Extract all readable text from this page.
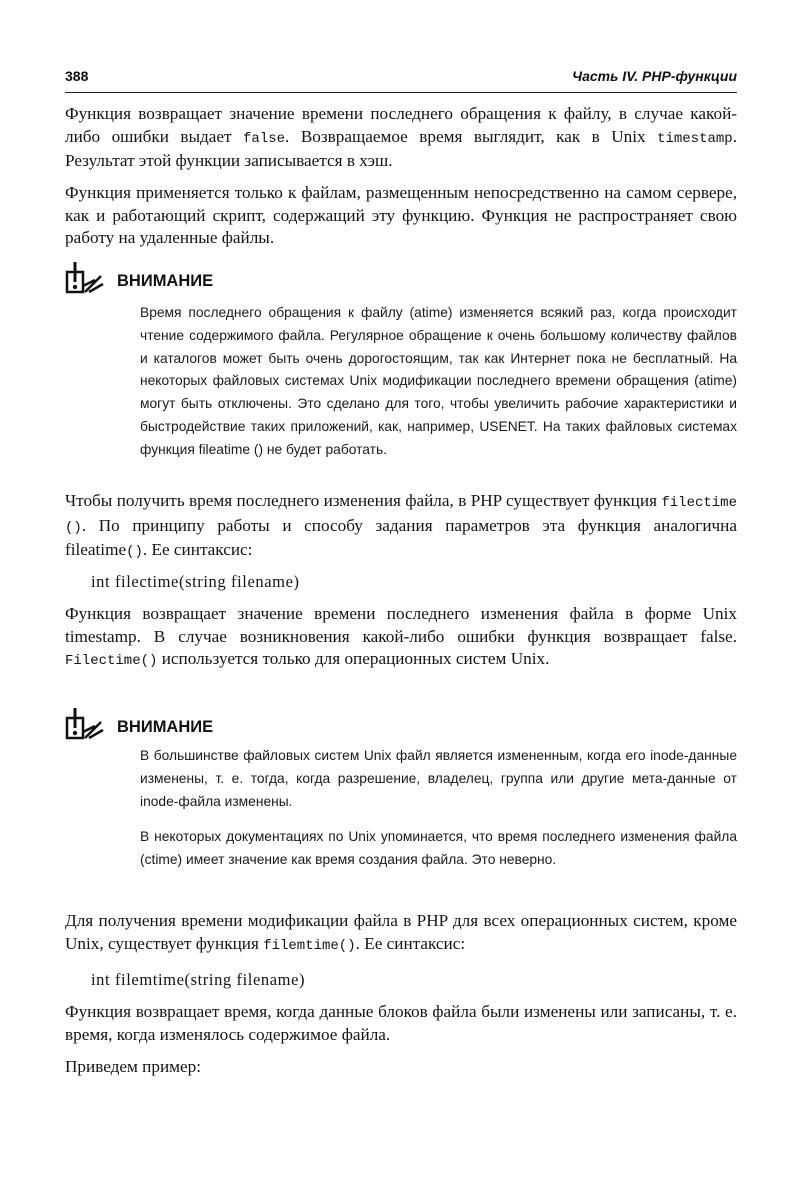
388	Часть IV. PHP-функции

Функция возвращает значение времени последнего обращения к файлу, в случае какой-либо ошибки выдает false. Возвращаемое время выглядит, как в Unix timestamp. Результат этой функции записывается в хэш.

Функция применяется только к файлам, размещенным непосредственно на самом сервере, как и работающий скрипт, содержащий эту функцию. Функция не распространяет свою работу на удаленные файлы.

ВНИМАНИЕ

Время последнего обращения к файлу (atime) изменяется всякий раз, когда происходит чтение содержимого файла. Регулярное обращение к очень большому количеству файлов и каталогов может быть очень дорогостоящим, так как Интернет пока не бесплатный. На некоторых файловых системах Unix модификации последнего времени обращения (atime) могут быть отключены. Это сделано для того, чтобы увеличить рабочие характеристики и быстродействие таких приложений, как, например, USENET. На таких файловых системах функция fileatime () не будет работать.

Чтобы получить время последнего изменения файла, в PHP существует функция filectime (). По принципу работы и способу задания параметров эта функция аналогична fileatime(). Ее синтаксис:

int filectime(string filename)

Функция возвращает значение времени последнего изменения файла в форме Unix timestamp. В случае возникновения какой-либо ошибки функция возвращает false. Filectime() используется только для операционных систем Unix.

ВНИМАНИЕ

В большинстве файловых систем Unix файл является измененным, когда его inode-данные изменены, т. е. тогда, когда разрешение, владелец, группа или другие мета-данные от inode-файла изменены.

В некоторых документациях по Unix упоминается, что время последнего изменения файла (ctime) имеет значение как время создания файла. Это неверно.

Для получения времени модификации файла в PHP для всех операционных систем, кроме Unix, существует функция filemtime(). Ее синтаксис:

int filemtime(string filename)

Функция возвращает время, когда данные блоков файла были изменены или записаны, т. е. время, когда изменялось содержимое файла.

Приведем пример:
